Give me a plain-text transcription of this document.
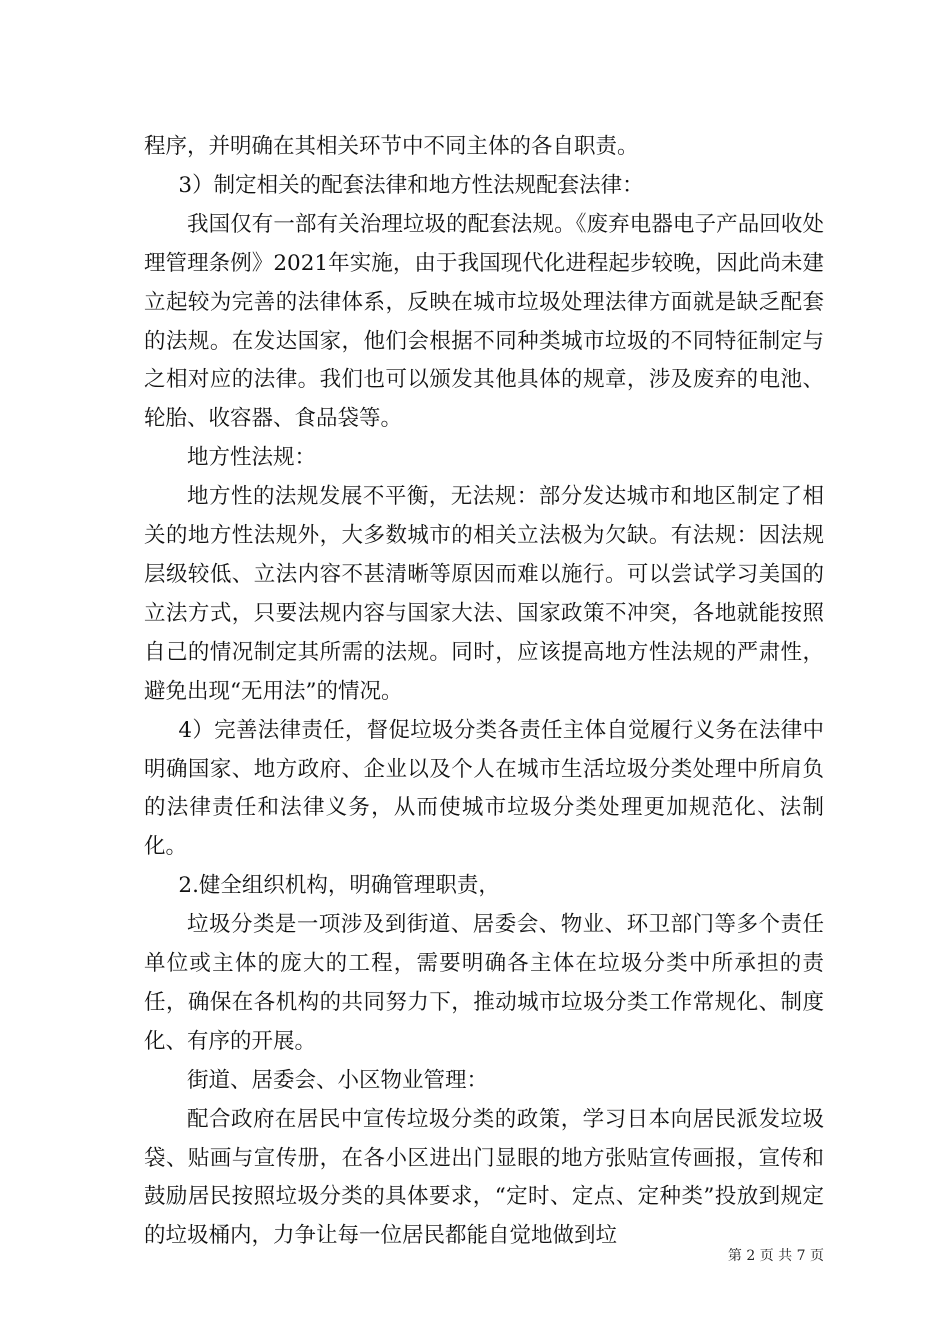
程序，并明确在其相关环节中不同主体的各自职责。

3）制定相关的配套法律和地方性法规配套法律：

我国仅有一部有关治理垃圾的配套法规。《废弃电器电子产品回收处理管理条例》2021年实施，由于我国现代化进程起步较晚，因此尚未建立起较为完善的法律体系，反映在城市垃圾处理法律方面就是缺乏配套的法规。在发达国家，他们会根据不同种类城市垃圾的不同特征制定与之相对应的法律。我们也可以颁发其他具体的规章，涉及废弃的电池、轮胎、收容器、食品袋等。

地方性法规：

地方性的法规发展不平衡，无法规：部分发达城市和地区制定了相关的地方性法规外，大多数城市的相关立法极为欠缺。有法规：因法规层级较低、立法内容不甚清晰等原因而难以施行。可以尝试学习美国的立法方式，只要法规内容与国家大法、国家政策不冲突，各地就能按照自己的情况制定其所需的法规。同时，应该提高地方性法规的严肃性，避免出现“无用法”的情况。

4）完善法律责任，督促垃圾分类各责任主体自觉履行义务在法律中明确国家、地方政府、企业以及个人在城市生活垃圾分类处理中所肩负的法律责任和法律义务，从而使城市垃圾分类处理更加规范化、法制化。

2.健全组织机构，明确管理职责，

垃圾分类是一项涉及到街道、居委会、物业、环卫部门等多个责任单位或主体的庞大的工程，需要明确各主体在垃圾分类中所承担的责任，确保在各机构的共同努力下，推动城市垃圾分类工作常规化、制度化、有序的开展。

街道、居委会、小区物业管理：

配合政府在居民中宣传垃圾分类的政策，学习日本向居民派发垃圾袋、贴画与宣传册，在各小区进出门显眼的地方张贴宣传画报，宣传和鼓励居民按照垃圾分类的具体要求，“定时、定点、定种类”投放到规定的垃圾桶内，力争让每一位居民都能自觉地做到垃

第 2 页 共 7 页
